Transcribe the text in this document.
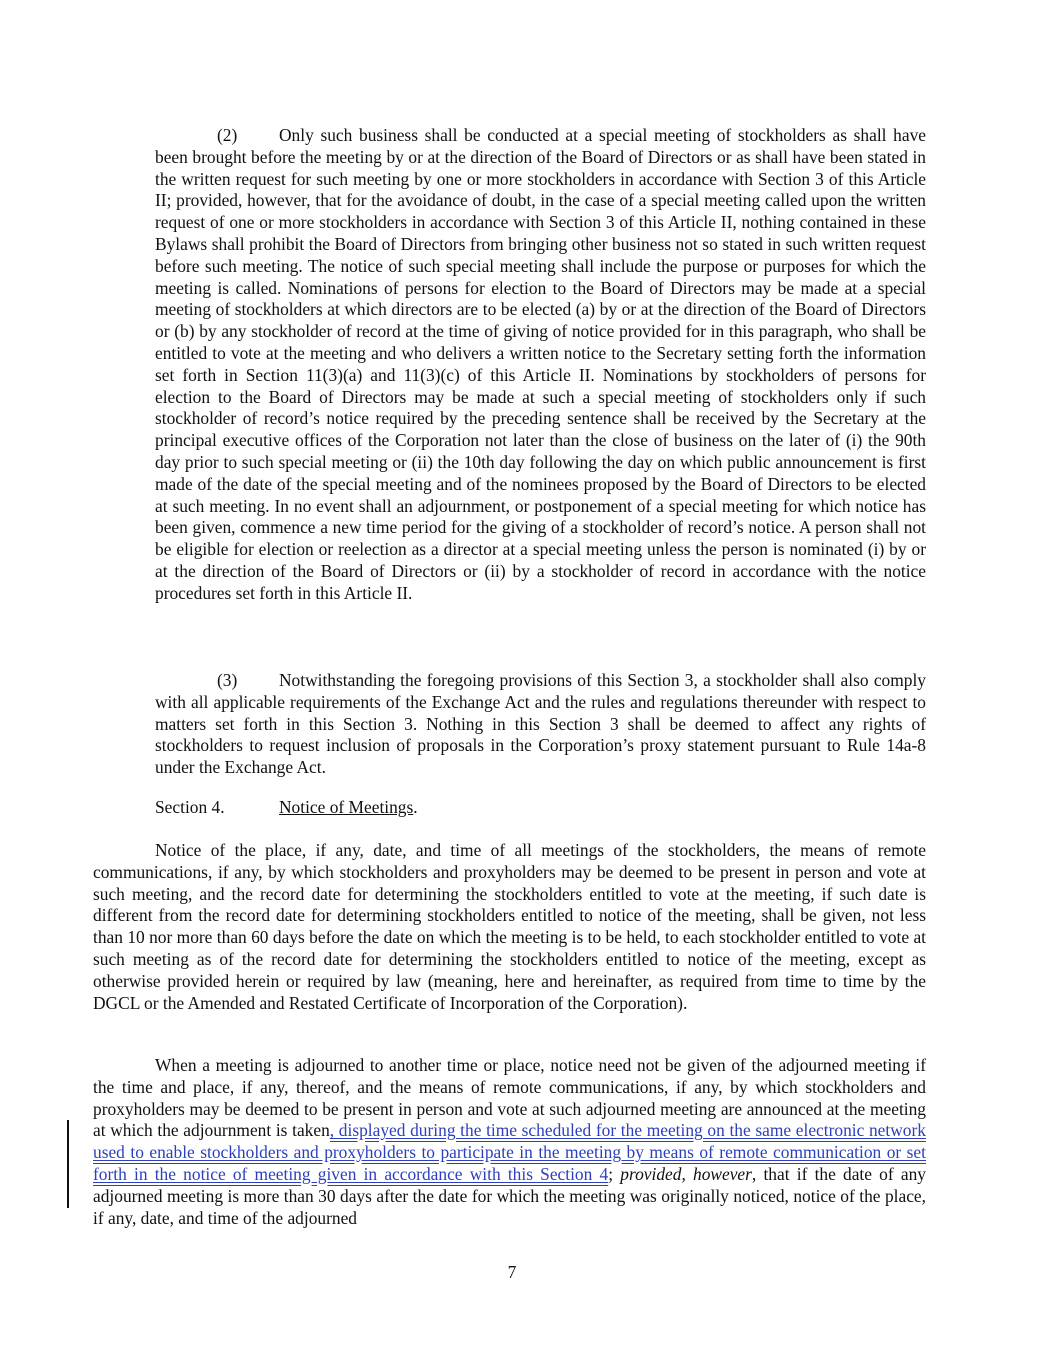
(2) Only such business shall be conducted at a special meeting of stockholders as shall have been brought before the meeting by or at the direction of the Board of Directors or as shall have been stated in the written request for such meeting by one or more stockholders in accordance with Section 3 of this Article II; provided, however, that for the avoidance of doubt, in the case of a special meeting called upon the written request of one or more stockholders in accordance with Section 3 of this Article II, nothing contained in these Bylaws shall prohibit the Board of Directors from bringing other business not so stated in such written request before such meeting. The notice of such special meeting shall include the purpose or purposes for which the meeting is called. Nominations of persons for election to the Board of Directors may be made at a special meeting of stockholders at which directors are to be elected (a) by or at the direction of the Board of Directors or (b) by any stockholder of record at the time of giving of notice provided for in this paragraph, who shall be entitled to vote at the meeting and who delivers a written notice to the Secretary setting forth the information set forth in Section 11(3)(a) and 11(3)(c) of this Article II. Nominations by stockholders of persons for election to the Board of Directors may be made at such a special meeting of stockholders only if such stockholder of record’s notice required by the preceding sentence shall be received by the Secretary at the principal executive offices of the Corporation not later than the close of business on the later of (i) the 90th day prior to such special meeting or (ii) the 10th day following the day on which public announcement is first made of the date of the special meeting and of the nominees proposed by the Board of Directors to be elected at such meeting. In no event shall an adjournment, or postponement of a special meeting for which notice has been given, commence a new time period for the giving of a stockholder of record’s notice. A person shall not be eligible for election or reelection as a director at a special meeting unless the person is nominated (i) by or at the direction of the Board of Directors or (ii) by a stockholder of record in accordance with the notice procedures set forth in this Article II.

(3) Notwithstanding the foregoing provisions of this Section 3, a stockholder shall also comply with all applicable requirements of the Exchange Act and the rules and regulations thereunder with respect to matters set forth in this Section 3. Nothing in this Section 3 shall be deemed to affect any rights of stockholders to request inclusion of proposals in the Corporation’s proxy statement pursuant to Rule 14a-8 under the Exchange Act.

Section 4.	Notice of Meetings.

Notice of the place, if any, date, and time of all meetings of the stockholders, the means of remote communications, if any, by which stockholders and proxyholders may be deemed to be present in person and vote at such meeting, and the record date for determining the stockholders entitled to vote at the meeting, if such date is different from the record date for determining stockholders entitled to notice of the meeting, shall be given, not less than 10 nor more than 60 days before the date on which the meeting is to be held, to each stockholder entitled to vote at such meeting as of the record date for determining the stockholders entitled to notice of the meeting, except as otherwise provided herein or required by law (meaning, here and hereinafter, as required from time to time by the DGCL or the Amended and Restated Certificate of Incorporation of the Corporation).

When a meeting is adjourned to another time or place, notice need not be given of the adjourned meeting if the time and place, if any, thereof, and the means of remote communications, if any, by which stockholders and proxyholders may be deemed to be present in person and vote at such adjourned meeting are announced at the meeting at which the adjournment is taken, displayed during the time scheduled for the meeting on the same electronic network used to enable stockholders and proxyholders to participate in the meeting by means of remote communication or set forth in the notice of meeting given in accordance with this Section 4; provided, however, that if the date of any adjourned meeting is more than 30 days after the date for which the meeting was originally noticed, notice of the place, if any, date, and time of the adjourned

7
